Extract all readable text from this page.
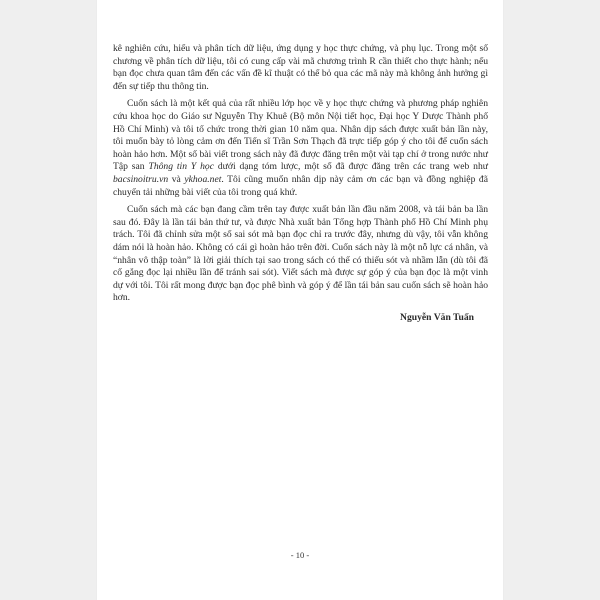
kê nghiên cứu, hiểu và phân tích dữ liệu, ứng dụng y học thực chứng, và phụ lục. Trong một số chương về phân tích dữ liệu, tôi có cung cấp vài mã chương trình R cần thiết cho thực hành; nếu bạn đọc chưa quan tâm đến các vấn đề kĩ thuật có thể bỏ qua các mã này mà không ảnh hưởng gì đến sự tiếp thu thông tin.

Cuốn sách là một kết quả của rất nhiều lớp học về y học thực chứng và phương pháp nghiên cứu khoa học do Giáo sư Nguyễn Thy Khuê (Bộ môn Nội tiết học, Đại học Y Dược Thành phố Hồ Chí Minh) và tôi tổ chức trong thời gian 10 năm qua. Nhân dịp sách được xuất bản lần này, tôi muốn bày tỏ lòng cảm ơn đến Tiến sĩ Trần Sơn Thạch đã trực tiếp góp ý cho tôi để cuốn sách hoàn hảo hơn. Một số bài viết trong sách này đã được đăng trên một vài tạp chí ở trong nước như Tập san Thông tin Y học dưới dạng tóm lược, một số đã được đăng trên các trang web như bacsinoitru.vn và ykhoa.net. Tôi cũng muốn nhân dịp này cảm ơn các bạn và đồng nghiệp đã chuyển tải những bài viết của tôi trong quá khứ.

Cuốn sách mà các bạn đang cầm trên tay được xuất bản lần đầu năm 2008, và tái bản ba lần sau đó. Đây là lần tái bản thứ tư, và được Nhà xuất bản Tổng hợp Thành phố Hồ Chí Minh phụ trách. Tôi đã chỉnh sửa một số sai sót mà bạn đọc chỉ ra trước đây, nhưng dù vậy, tôi vẫn không dám nói là hoàn hảo. Không có cái gì hoàn hảo trên đời. Cuốn sách này là một nỗ lực cá nhân, và “nhân vô thập toàn” là lời giải thích tại sao trong sách có thể có thiếu sót và nhầm lẫn (dù tôi đã cố gắng đọc lại nhiều lần để tránh sai sót). Viết sách mà được sự góp ý của bạn đọc là một vinh dự với tôi. Tôi rất mong được bạn đọc phê bình và góp ý để lần tái bản sau cuốn sách sẽ hoàn hảo hơn.

Nguyễn Văn Tuấn

- 10 -
